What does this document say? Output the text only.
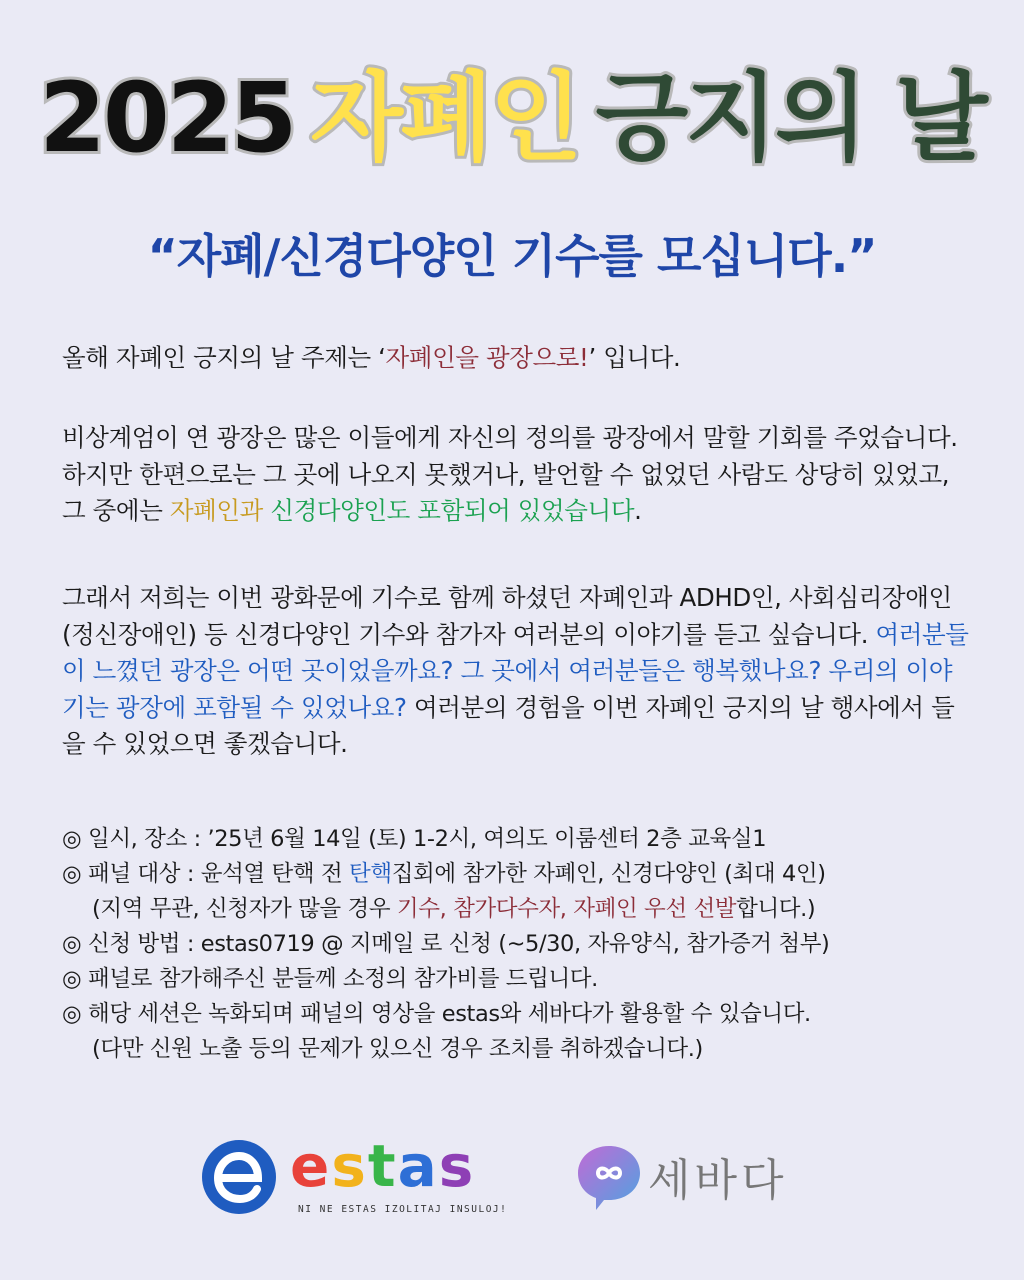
2025 자폐인 긍지의 날
“자폐/신경다양인 기수를 모십니다.”
올해 자폐인 긍지의 날 주제는 ‘자폐인을 광장으로!’ 입니다.
비상계엄이 연 광장은 많은 이들에게 자신의 정의를 광장에서 말할 기회를 주었습니다. 하지만 한편으로는 그 곳에 나오지 못했거나, 발언할 수 없었던 사람도 상당히 있었고, 그 중에는 자폐인과 신경다양인도 포함되어 있었습니다.
그래서 저희는 이번 광화문에 기수로 함께 하셨던 자폐인과 ADHD인, 사회심리장애인(정신장애인) 등 신경다양인 기수와 참가자 여러분의 이야기를 듣고 싶습니다. 여러분들이 느꼈던 광장은 어떤 곳이었을까요? 그 곳에서 여러분들은 행복했나요? 우리의 이야기는 광장에 포함될 수 있었나요? 여러분의 경험을 이번 자폐인 긍지의 날 행사에서 들을 수 있었으면 좋겠습니다.
◎ 일시, 장소 : ’25년 6월 14일 (토) 1-2시, 여의도 이룸센터 2층 교육실1
◎ 패널 대상 : 윤석열 탄핵 전 탄핵집회에 참가한 자폐인, 신경다양인 (최대 4인)
(지역 무관, 신청자가 많을 경우 기수, 참가다수자, 자폐인 우선 선발합니다.)
◎ 신청 방법 : estas0719 @ 지메일 로 신청 (~5/30, 자유양식, 참가증거 첨부)
◎ 패널로 참가해주신 분들께 소정의 참가비를 드립니다.
◎ 해당 세션은 녹화되며 패널의 영상을 estas와 세바다가 활용할 수 있습니다.
(다만 신원 노출 등의 문제가 있으신 경우 조치를 취하겠습니다.)
estas
NI NE ESTAS IZOLITAJ INSULOJ!
세바다
